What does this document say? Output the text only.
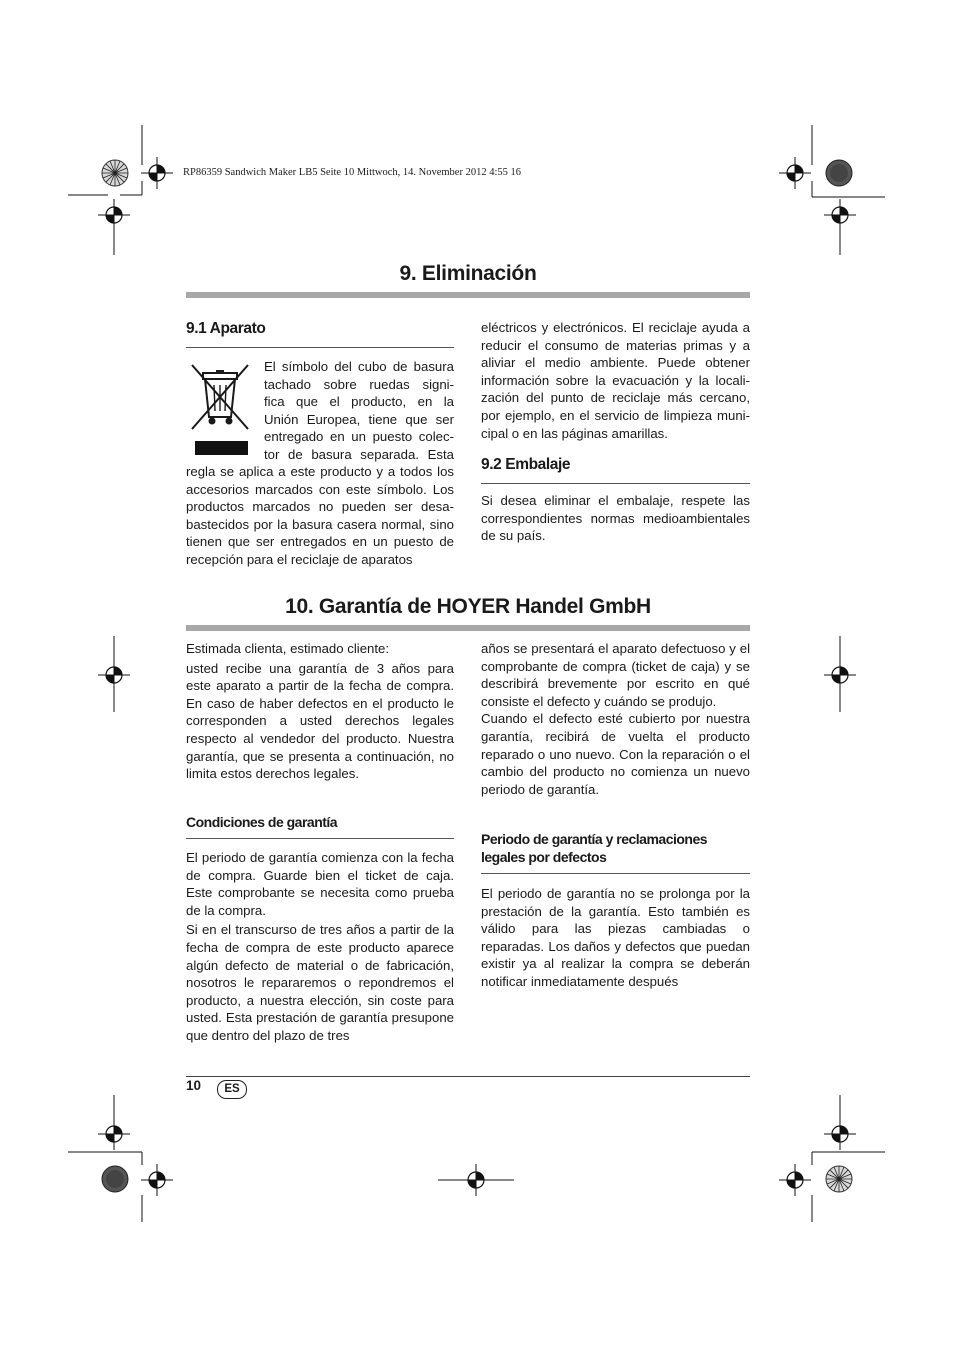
RP86359 Sandwich Maker LB5 Seite 10 Mittwoch, 14. November 2012 4:55 16
9. Eliminación
9.1 Aparato
El símbolo del cubo de basura
tachado sobre ruedas signi-
fica que el producto, en la
Unión Europea, tiene que ser
entregado en un puesto colec-
tor de basura separada. Esta

regla se aplica a este producto y a todos los accesorios marcados con este símbolo. Los productos marcados no pueden ser desa-bastecidos por la basura casera normal, sino tienen que ser entregados en un puesto de recepción para el reciclaje de aparatos

eléctricos y electrónicos. El reciclaje ayuda a reducir el consumo de materias primas y a aliviar el medio ambiente. Puede obtener información sobre la evacuación y la locali-zación del punto de reciclaje más cercano, por ejemplo, en el servicio de limpieza muni-cipal o en las páginas amarillas.

9.2 Embalaje

Si desea eliminar el embalaje, respete las correspondientes normas medioambientales de su país.

10. Garantía de HOYER Handel GmbH

Estimada clienta, estimado cliente:

usted recibe una garantía de 3 años para este aparato a partir de la fecha de compra. En caso de haber defectos en el producto le corresponden a usted derechos legales respecto al vendedor del producto. Nuestra garantía, que se presenta a continuación, no limita estos derechos legales.

Condiciones de garantía

El periodo de garantía comienza con la fecha de compra. Guarde bien el ticket de caja. Este comprobante se necesita como prueba de la compra.

Si en el transcurso de tres años a partir de la fecha de compra de este producto aparece algún defecto de material o de fabricación, nosotros le repararemos o repondremos el producto, a nuestra elección, sin coste para usted. Esta prestación de garantía presupone que dentro del plazo de tres

años se presentará el aparato defectuoso y el comprobante de compra (ticket de caja) y se describirá brevemente por escrito en qué consiste el defecto y cuándo se produjo.

Cuando el defecto esté cubierto por nuestra garantía, recibirá de vuelta el producto reparado o uno nuevo. Con la reparación o el cambio del producto no comienza un nuevo periodo de garantía.

Periodo de garantía y reclamaciones legales por defectos

El periodo de garantía no se prolonga por la prestación de la garantía. Esto también es válido para las piezas cambiadas o reparadas. Los daños y defectos que puedan existir ya al realizar la compra se deberán notificar inmediatamente después

10	ES
